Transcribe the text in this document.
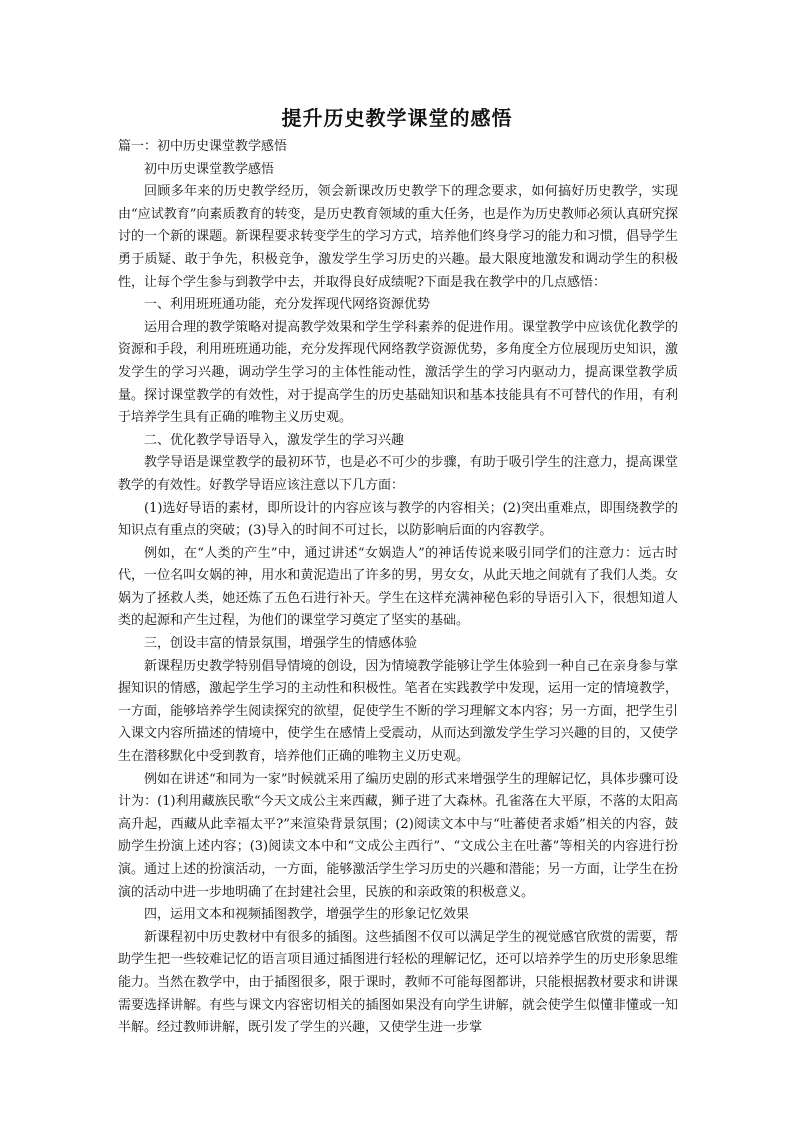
提升历史教学课堂的感悟

篇一：初中历史课堂教学感悟

初中历史课堂教学感悟

回顾多年来的历史教学经历，领会新课改历史教学下的理念要求，如何搞好历史教学，实现由“应试教育”向素质教育的转变，是历史教育领域的重大任务，也是作为历史教师必须认真研究探讨的一个新的课题。新课程要求转变学生的学习方式，培养他们终身学习的能力和习惯，倡导学生勇于质疑、敢于争先，积极竞争，激发学生学习历史的兴趣。最大限度地激发和调动学生的积极性，让每个学生参与到教学中去，并取得良好成绩呢?下面是我在教学中的几点感悟：

一、利用班班通功能，充分发挥现代网络资源优势

运用合理的教学策略对提高教学效果和学生学科素养的促进作用。课堂教学中应该优化教学的资源和手段，利用班班通功能，充分发挥现代网络教学资源优势，多角度全方位展现历史知识，激发学生的学习兴趣，调动学生学习的主体性能动性，激活学生的学习内驱动力，提高课堂教学质量。探讨课堂教学的有效性，对于提高学生的历史基础知识和基本技能具有不可替代的作用，有利于培养学生具有正确的唯物主义历史观。

二、优化教学导语导入，激发学生的学习兴趣

教学导语是课堂教学的最初环节，也是必不可少的步骤，有助于吸引学生的注意力，提高课堂教学的有效性。好教学导语应该注意以下几方面：

(1)选好导语的素材，即所设计的内容应该与教学的内容相关；(2)突出重难点，即围绕教学的知识点有重点的突破；(3)导入的时间不可过长，以防影响后面的内容教学。

例如，在“人类的产生”中，通过讲述“女娲造人”的神话传说来吸引同学们的注意力：远古时代，一位名叫女娲的神，用水和黄泥造出了许多的男，男女女，从此天地之间就有了我们人类。女娲为了拯救人类，她还炼了五色石进行补天。学生在这样充满神秘色彩的导语引入下，很想知道人类的起源和产生过程，为他们的课堂学习奠定了坚实的基础。

三，创设丰富的情景氛围，增强学生的情感体验

新课程历史教学特别倡导情境的创设，因为情境教学能够让学生体验到一种自己在亲身参与掌握知识的情感，激起学生学习的主动性和积极性。笔者在实践教学中发现，运用一定的情境教学，一方面，能够培养学生阅读探究的欲望，促使学生不断的学习理解文本内容；另一方面，把学生引入课文内容所描述的情境中，使学生在感情上受震动，从而达到激发学生学习兴趣的目的，又使学生在潜移默化中受到教育，培养他们正确的唯物主义历史观。

例如在讲述“和同为一家”时候就采用了编历史剧的形式来增强学生的理解记忆，具体步骤可设计为：(1)利用藏族民歌“今天文成公主来西藏，狮子进了大森林。孔雀落在大平原，不落的太阳高高升起，西藏从此幸福太平?”来渲染背景氛围；(2)阅读文本中与“吐蕃使者求婚”相关的内容，鼓励学生扮演上述内容；(3)阅读文本中和“文成公主西行”、“文成公主在吐蕃”等相关的内容进行扮演。通过上述的扮演活动，一方面，能够激活学生学习历史的兴趣和潜能；另一方面，让学生在扮演的活动中进一步地明确了在封建社会里，民族的和亲政策的积极意义。

四，运用文本和视频插图教学，增强学生的形象记忆效果

新课程初中历史教材中有很多的插图。这些插图不仅可以满足学生的视觉感官欣赏的需要，帮助学生把一些较难记忆的语言项目通过插图进行轻松的理解记忆，还可以培养学生的历史形象思维能力。当然在教学中，由于插图很多，限于课时，教师不可能每图都讲，只能根据教材要求和讲课需要选择讲解。有些与课文内容密切相关的插图如果没有向学生讲解，就会使学生似懂非懂或一知半解。经过教师讲解，既引发了学生的兴趣，又使学生进一步掌
